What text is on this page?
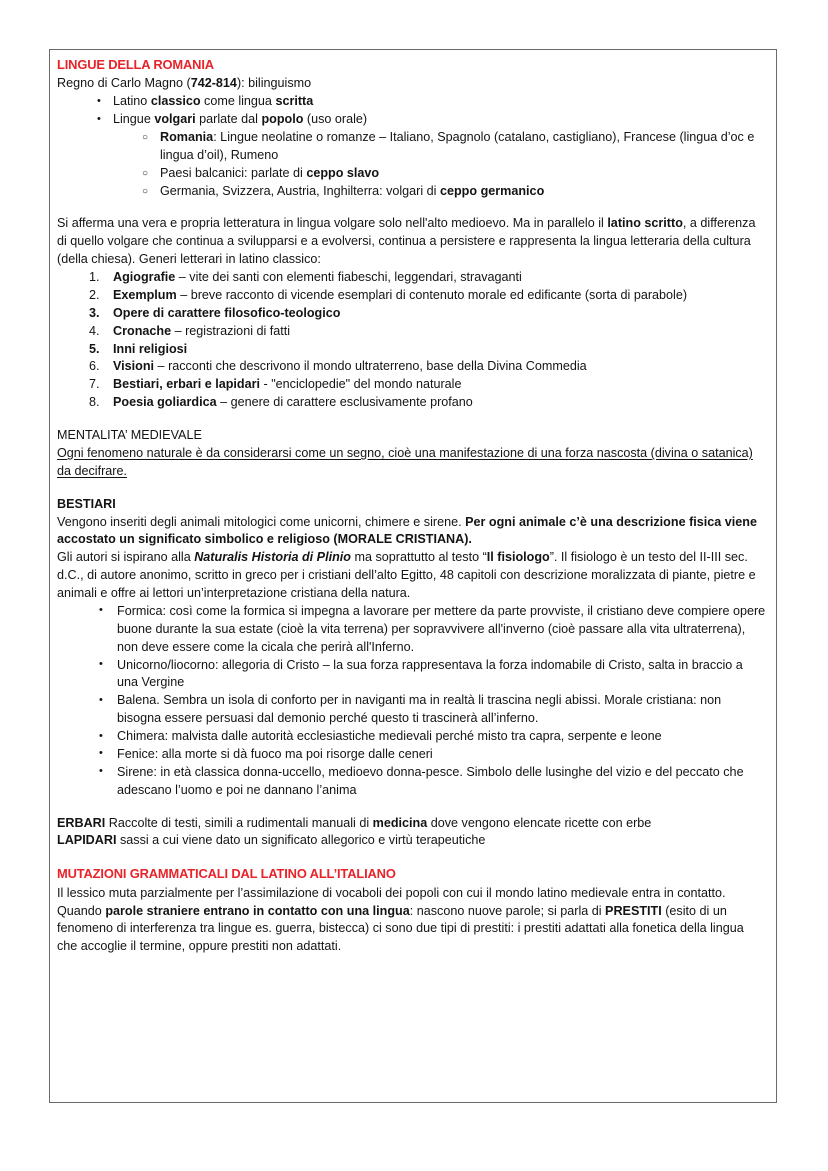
LINGUE DELLA ROMANIA

Regno di Carlo Magno (742-814): bilinguismo

• Latino classico come lingua scritta
• Lingue volgari parlate dal popolo (uso orale)
○ Romania: Lingue neolatine o romanze – Italiano, Spagnolo (catalano, castigliano), Francese (lingua d’oc e lingua d’oil), Rumeno
○ Paesi balcanici: parlate di ceppo slavo
○ Germania, Svizzera, Austria, Inghilterra: volgari di ceppo germanico

Si afferma una vera e propria letteratura in lingua volgare solo nell'alto medioevo. Ma in parallelo il latino scritto, a differenza di quello volgare che continua a svilupparsi e a evolversi, continua a persistere e rappresenta la lingua letteraria della cultura (della chiesa). Generi letterari in latino classico:

1.	Agiografie – vite dei santi con elementi fiabeschi, leggendari, stravaganti
2.	Exemplum – breve racconto di vicende esemplari di contenuto morale ed edificante (sorta di parabole)
3.	Opere di carattere filosofico-teologico
4.	Cronache – registrazioni di fatti
5.	Inni religiosi
6.	Visioni – racconti che descrivono il mondo ultraterreno, base della Divina Commedia
7.	Bestiari, erbari e lapidari - "enciclopedie" del mondo naturale
8.	Poesia goliardica – genere di carattere esclusivamente profano

MENTALITA’ MEDIEVALE

Ogni fenomeno naturale è da considerarsi come un segno, cioè una manifestazione di una forza nascosta (divina o satanica) da decifrare.

BESTIARI

Vengono inseriti degli animali mitologici come unicorni, chimere e sirene. Per ogni animale c’è una descrizione fisica viene accostato un significato simbolico e religioso (MORALE CRISTIANA).

Gli autori si ispirano alla Naturalis Historia di Plinio ma soprattutto al testo “Il fisiologo”. Il fisiologo è un testo del II-III sec. d.C., di autore anonimo, scritto in greco per i cristiani dell’alto Egitto, 48 capitoli con descrizione moralizzata di piante, pietre e animali e offre ai lettori un’interpretazione cristiana della natura.

• Formica: così come la formica si impegna a lavorare per mettere da parte provviste, il cristiano deve compiere opere buone durante la sua estate (cioè la vita terrena) per sopravvivere all'inverno (cioè passare alla vita ultraterrena), non deve essere come la cicala che perirà all'Inferno.
• Unicorno/liocorno: allegoria di Cristo – la sua forza rappresentava la forza indomabile di Cristo, salta in braccio a una Vergine
• Balena. Sembra un isola di conforto per in naviganti ma in realtà li trascina negli abissi. Morale cristiana: non bisogna essere persuasi dal demonio perché questo ti trascinerà all’inferno.
• Chimera: malvista dalle autorità ecclesiastiche medievali perché misto tra capra, serpente e leone
• Fenice: alla morte si dà fuoco ma poi risorge dalle ceneri
• Sirene: in età classica donna-uccello, medioevo donna-pesce. Simbolo delle lusinghe del vizio e del peccato che adescano l’uomo e poi ne dannano l’anima

ERBARI Raccolte di testi, simili a rudimentali manuali di medicina dove vengono elencate ricette con erbe

LAPIDARI sassi a cui viene dato un significato allegorico e virtù terapeutiche

MUTAZIONI GRAMMATICALI DAL LATINO ALL’ITALIANO

Il lessico muta parzialmente per l’assimilazione di vocaboli dei popoli con cui il mondo latino medievale entra in contatto. Quando parole straniere entrano in contatto con una lingua: nascono nuove parole; si parla di PRESTITI (esito di un fenomeno di interferenza tra lingue es. guerra, bistecca) ci sono due tipi di prestiti: i prestiti adattati alla fonetica della lingua che accoglie il termine, oppure prestiti non adattati.
